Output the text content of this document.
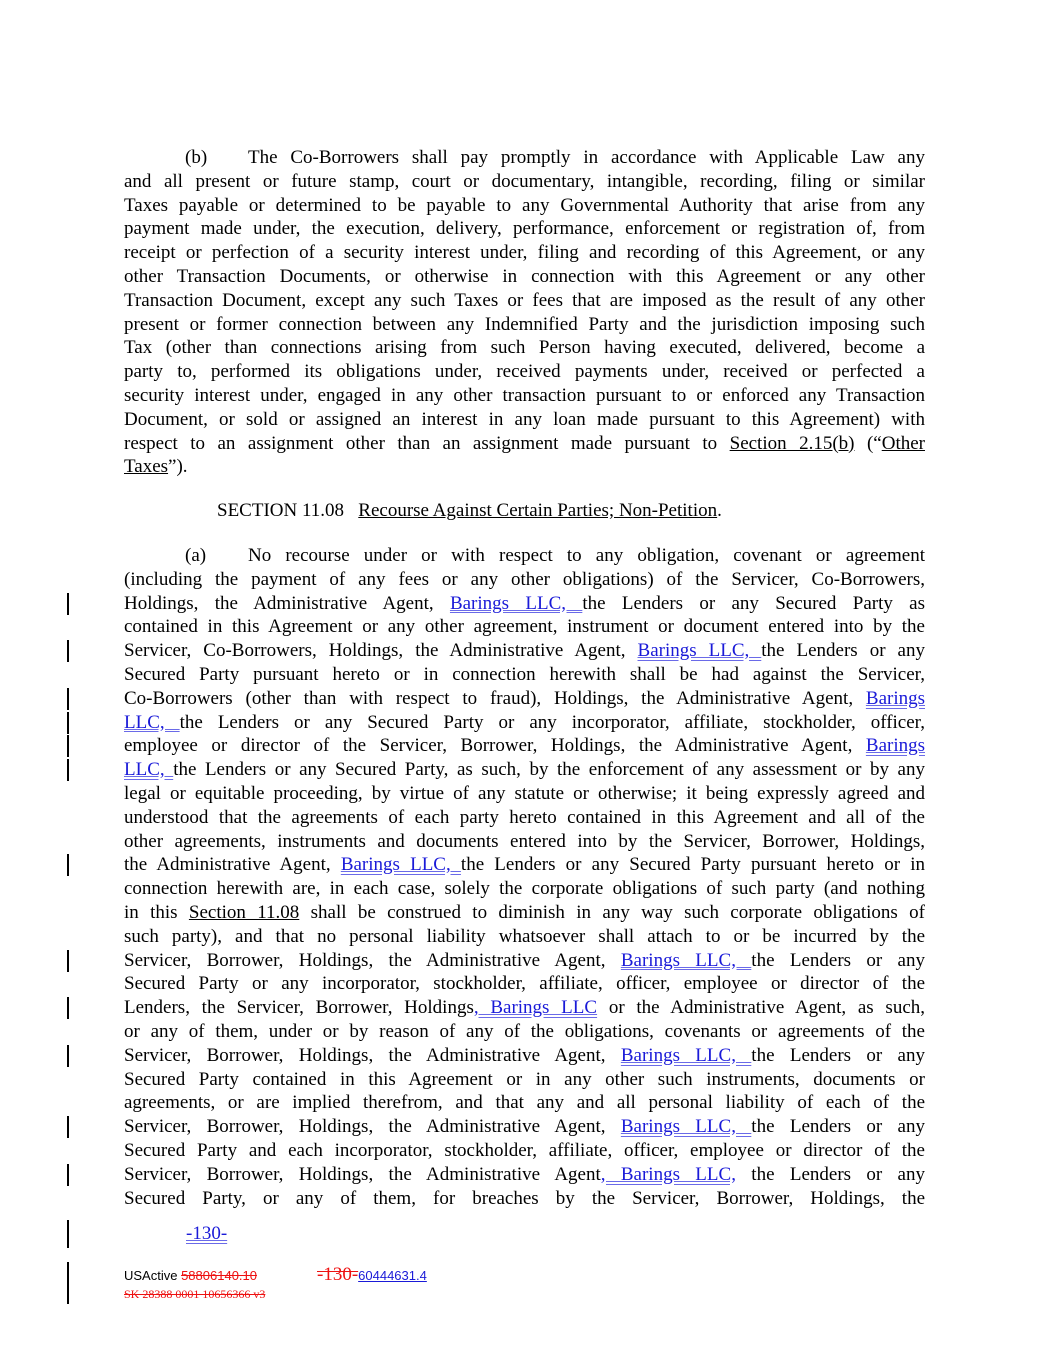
(b) The Co-Borrowers shall pay promptly in accordance with Applicable Law any
and all present or future stamp, court or documentary, intangible, recording, filing or similar
Taxes payable or determined to be payable to any Governmental Authority that arise from any
payment made under, the execution, delivery, performance, enforcement or registration of, from
receipt or perfection of a security interest under, filing and recording of this Agreement, or any
other Transaction Documents, or otherwise in connection with this Agreement or any other
Transaction Document, except any such Taxes or fees that are imposed as the result of any other
present or former connection between any Indemnified Party and the jurisdiction imposing such
Tax (other than connections arising from such Person having executed, delivered, become a
party to, performed its obligations under, received payments under, received or perfected a
security interest under, engaged in any other transaction pursuant to or enforced any Transaction
Document, or sold or assigned an interest in any loan made pursuant to this Agreement) with
respect to an assignment other than an assignment made pursuant to Section 2.15(b) (“Other
Taxes”).
SECTION 11.08   Recourse Against Certain Parties; Non-Petition.
(a) No recourse under or with respect to any obligation, covenant or agreement
(including the payment of any fees or any other obligations) of the Servicer, Co-Borrowers,
Holdings, the Administrative Agent, Barings LLC, the Lenders or any Secured Party as
contained in this Agreement or any other agreement, instrument or document entered into by the
Servicer, Co-Borrowers, Holdings, the Administrative Agent, Barings LLC, the Lenders or any
Secured Party pursuant hereto or in connection herewith shall be had against the Servicer,
Co-Borrowers (other than with respect to fraud), Holdings, the Administrative Agent, Barings
LLC, the Lenders or any Secured Party or any incorporator, affiliate, stockholder, officer,
employee or director of the Servicer, Borrower, Holdings, the Administrative Agent, Barings
LLC, the Lenders or any Secured Party, as such, by the enforcement of any assessment or by any
legal or equitable proceeding, by virtue of any statute or otherwise; it being expressly agreed and
understood that the agreements of each party hereto contained in this Agreement and all of the
other agreements, instruments and documents entered into by the Servicer, Borrower, Holdings,
the Administrative Agent, Barings LLC, the Lenders or any Secured Party pursuant hereto or in
connection herewith are, in each case, solely the corporate obligations of such party (and nothing
in this Section 11.08 shall be construed to diminish in any way such corporate obligations of
such party), and that no personal liability whatsoever shall attach to or be incurred by the
Servicer, Borrower, Holdings, the Administrative Agent, Barings LLC, the Lenders or any
Secured Party or any incorporator, stockholder, affiliate, officer, employee or director of the
Lenders, the Servicer, Borrower, Holdings, Barings LLC or the Administrative Agent, as such,
or any of them, under or by reason of any of the obligations, covenants or agreements of the
Servicer, Borrower, Holdings, the Administrative Agent, Barings LLC, the Lenders or any
Secured Party contained in this Agreement or in any other such instruments, documents or
agreements, or are implied therefrom, and that any and all personal liability of each of the
Servicer, Borrower, Holdings, the Administrative Agent, Barings LLC, the Lenders or any
Secured Party and each incorporator, stockholder, affiliate, officer, employee or director of the
Servicer, Borrower, Holdings, the Administrative Agent, Barings LLC, the Lenders or any
Secured Party, or any of them, for breaches by the Servicer, Borrower, Holdings, the
-130-
USActive 58806140.10	-130-60444631.4
SK 28388 0001 10656366 v3
